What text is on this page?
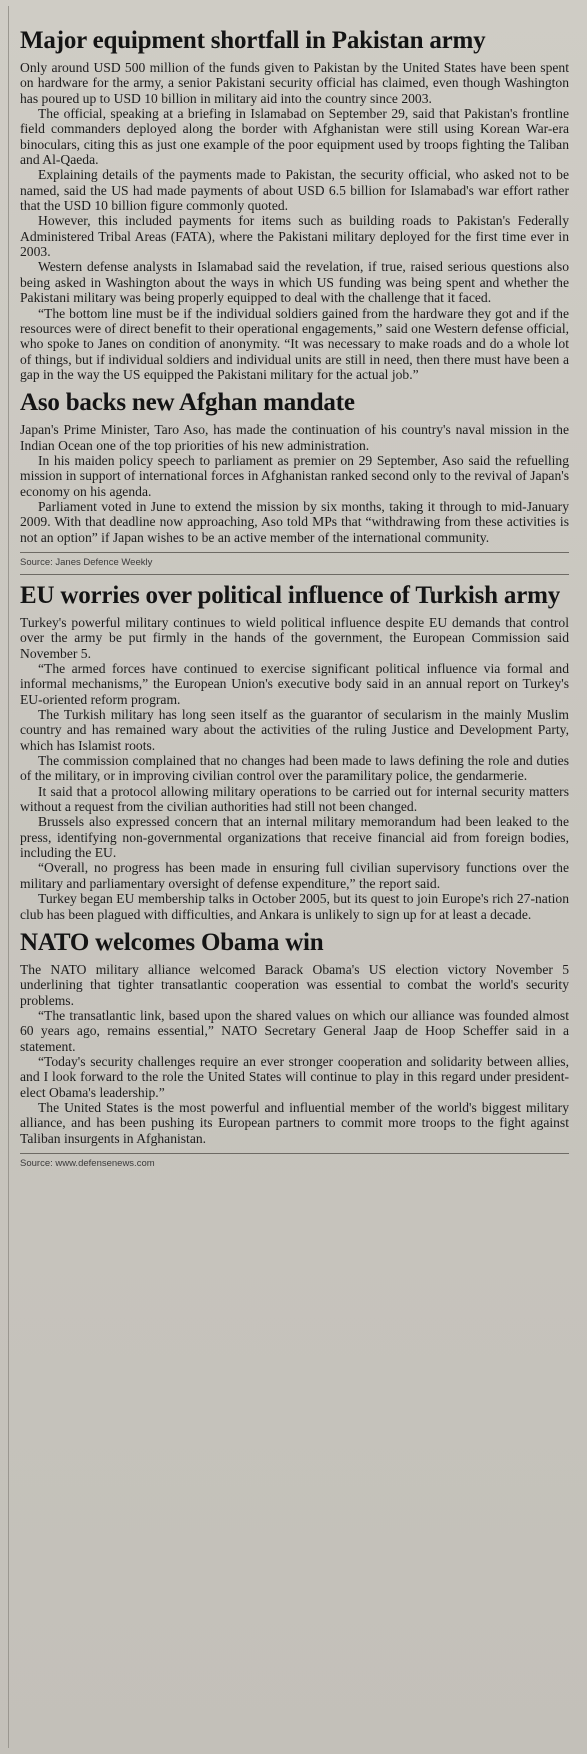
Major equipment shortfall in Pakistan army

Only around USD 500 million of the funds given to Pakistan by the United States have been spent on hardware for the army, a senior Pakistani security official has claimed, even though Washington has poured up to USD 10 billion in military aid into the country since 2003.

The official, speaking at a briefing in Islamabad on September 29, said that Pakistan's frontline field commanders deployed along the border with Afghanistan were still using Korean War-era binoculars, citing this as just one example of the poor equipment used by troops fighting the Taliban and Al-Qaeda.

Explaining details of the payments made to Pakistan, the security official, who asked not to be named, said the US had made payments of about USD 6.5 billion for Islamabad's war effort rather that the USD 10 billion figure commonly quoted.

However, this included payments for items such as building roads to Pakistan's Federally Administered Tribal Areas (FATA), where the Pakistani military deployed for the first time ever in 2003.

Western defense analysts in Islamabad said the revelation, if true, raised serious questions also being asked in Washington about the ways in which US funding was being spent and whether the Pakistani military was being properly equipped to deal with the challenge that it faced.

“The bottom line must be if the individual soldiers gained from the hardware they got and if the resources were of direct benefit to their operational engagements,” said one Western defense official, who spoke to Janes on condition of anonymity. “It was necessary to make roads and do a whole lot of things, but if individual soldiers and individual units are still in need, then there must have been a gap in the way the US equipped the Pakistani military for the actual job.”

Aso backs new Afghan mandate

Japan's Prime Minister, Taro Aso, has made the continuation of his country's naval mission in the Indian Ocean one of the top priorities of his new administration.

In his maiden policy speech to parliament as premier on 29 September, Aso said the refuelling mission in support of international forces in Afghanistan ranked second only to the revival of Japan's economy on his agenda.

Parliament voted in June to extend the mission by six months, taking it through to mid-January 2009. With that deadline now approaching, Aso told MPs that “withdrawing from these activities is not an option” if Japan wishes to be an active member of the international community.

Source: Janes Defence Weekly
EU worries over political influence of Turkish army

Turkey's powerful military continues to wield political influence despite EU demands that control over the army be put firmly in the hands of the government, the European Commission said November 5.

“The armed forces have continued to exercise significant political influence via formal and informal mechanisms,” the European Union's executive body said in an annual report on Turkey's EU-oriented reform program.

The Turkish military has long seen itself as the guarantor of secularism in the mainly Muslim country and has remained wary about the activities of the ruling Justice and Development Party, which has Islamist roots.

The commission complained that no changes had been made to laws defining the role and duties of the military, or in improving civilian control over the paramilitary police, the gendarmerie.

It said that a protocol allowing military operations to be carried out for internal security matters without a request from the civilian authorities had still not been changed.

Brussels also expressed concern that an internal military memorandum had been leaked to the press, identifying non-governmental organizations that receive financial aid from foreign bodies, including the EU.

“Overall, no progress has been made in ensuring full civilian supervisory functions over the military and parliamentary oversight of defense expenditure,” the report said.

Turkey began EU membership talks in October 2005, but its quest to join Europe's rich 27-nation club has been plagued with difficulties, and Ankara is unlikely to sign up for at least a decade.

NATO welcomes Obama win

The NATO military alliance welcomed Barack Obama's US election victory November 5 underlining that tighter transatlantic cooperation was essential to combat the world's security problems.

“The transatlantic link, based upon the shared values on which our alliance was founded almost 60 years ago, remains essential,” NATO Secretary General Jaap de Hoop Scheffer said in a statement.

“Today's security challenges require an ever stronger cooperation and solidarity between allies, and I look forward to the role the United States will continue to play in this regard under president-elect Obama's leadership.”

The United States is the most powerful and influential member of the world's biggest military alliance, and has been pushing its European partners to commit more troops to the fight against Taliban insurgents in Afghanistan.

Source: www.defensenews.com
